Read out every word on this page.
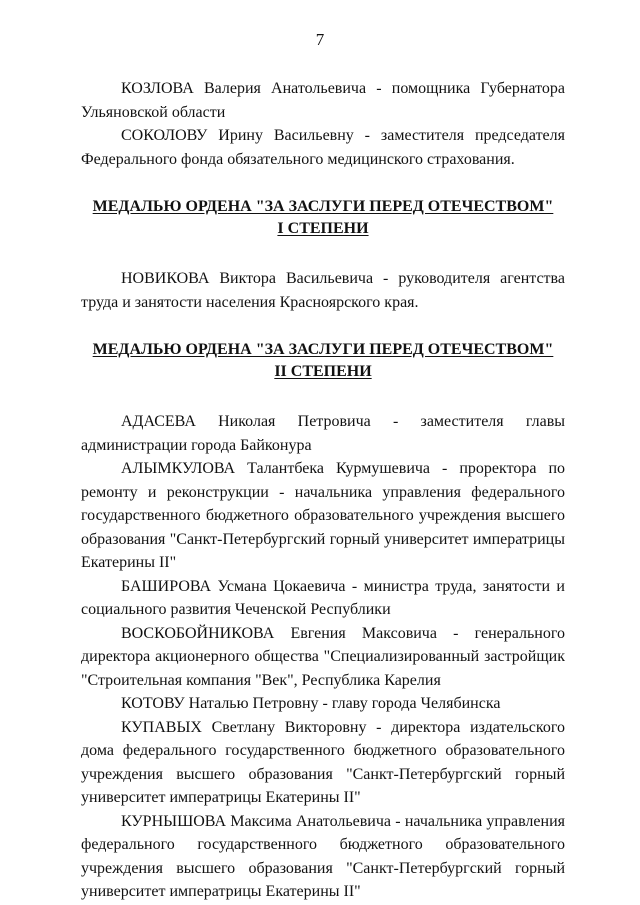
7

КОЗЛОВА Валерия Анатольевича - помощника Губернатора Ульяновской области

СОКОЛОВУ Ирину Васильевну - заместителя председателя Федерального фонда обязательного медицинского страхования.

МЕДАЛЬЮ ОРДЕНА "ЗА ЗАСЛУГИ ПЕРЕД ОТЕЧЕСТВОМ"
I СТЕПЕНИ

НОВИКОВА Виктора Васильевича - руководителя агентства труда и занятости населения Красноярского края.

МЕДАЛЬЮ ОРДЕНА "ЗА ЗАСЛУГИ ПЕРЕД ОТЕЧЕСТВОМ"
II СТЕПЕНИ

АДАСЕВА Николая Петровича - заместителя главы администрации города Байконура

АЛЫМКУЛОВА Талантбека Курмушевича - проректора по ремонту и реконструкции - начальника управления федерального государственного бюджетного образовательного учреждения высшего образования "Санкт-Петербургский горный университет императрицы Екатерины II"

БАШИРОВА Усмана Цокаевича - министра труда, занятости и социального развития Чеченской Республики

ВОСКОБОЙНИКОВА Евгения Максовича - генерального директора акционерного общества "Специализированный застройщик "Строительная компания "Век", Республика Карелия

КОТОВУ Наталью Петровну - главу города Челябинска

КУПАВЫХ Светлану Викторовну - директора издательского дома федерального государственного бюджетного образовательного учреждения высшего образования "Санкт-Петербургский горный университет императрицы Екатерины II"

КУРНЫШОВА Максима Анатольевича - начальника управления федерального государственного бюджетного образовательного учреждения высшего образования "Санкт-Петербургский горный университет императрицы Екатерины II"
